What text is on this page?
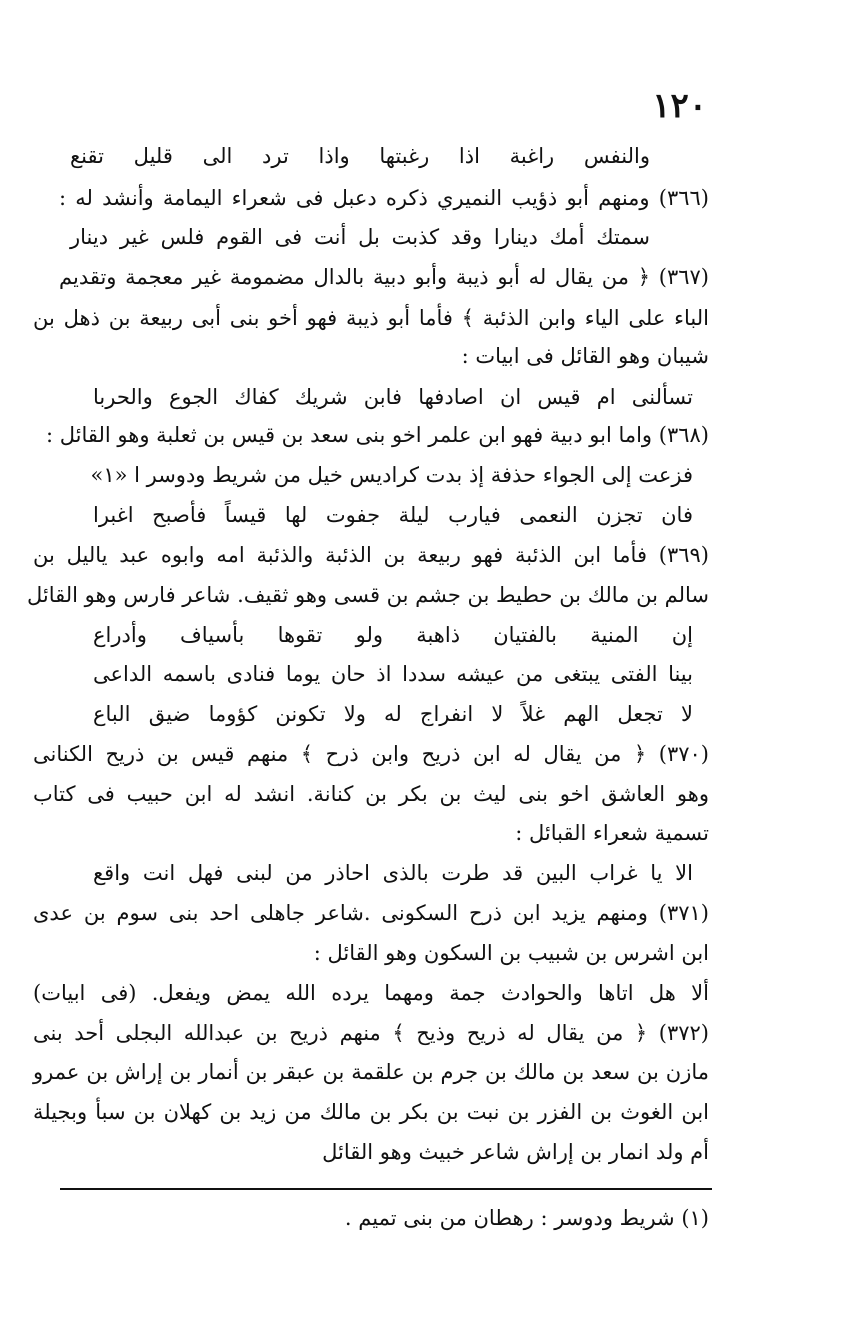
١٢٠
والنفس راغبة اذا رغبتها واذا ترد الى قليل تقنع
(٣٦٦) ومنهم أبو ذؤيب النميري ذكره دعبل فى شعراء اليمامة وأنشد له :
سمتك أمك دينارا وقد كذبت بل أنت فى القوم فلس غير دينار
(٣٦٧) ﴿ من يقال له أبو ذيبة وأبو دبية بالدال مضمومة غير معجمة وتقديم
الباء على الياء وابن الذئبة ﴾ فأما أبو ذيبة فهو أخو بنى أبى ربيعة بن ذهل بن
شيبان وهو القائل فى ابيات :
تسألنى ام قيس ان اصادفها فابن شريك كفاك الجوع والحربا
(٣٦٨) واما ابو دبية فهو ابن علمر اخو بنى سعد بن قيس بن ثعلبة وهو القائل :
فزعت إلى الجواء حذفة إذ بدت كراديس خيل من شريط ودوسر ا «١»
فان تجزن النعمى فيارب ليلة جفوت لها قيساً فأصبح اغبرا
(٣٦٩) فأما ابن الذئبة فهو ربيعة بن الذئبة والذئبة امه وابوه عبد ياليل بن
سالم بن مالك بن حطيط بن جشم بن قسى وهو ثقيف. شاعر فارس وهو القائل
إن المنية بالفتيان ذاهبة ولو تقوها بأسياف وأدراع
بينا الفتى يبتغى من عيشه سددا اذ حان يوما فنادى باسمه الداعى
لا تجعل الهم غلاً لا انفراج له ولا تكونن كؤوما ضيق الباع
(٣٧٠) ﴿ من يقال له ابن ذريح وابن ذرح ﴾ منهم قيس بن ذريح الكنانى
وهو العاشق اخو بنى ليث بن بكر بن كنانة. انشد له ابن حبيب فى كتاب
تسمية شعراء القبائل :
الا يا غراب البين قد طرت بالذى احاذر من لبنى فهل انت واقع
(٣٧١) ومنهم يزيد ابن ذرح السكونى .شاعر جاهلى احد بنى سوم بن عدى
ابن اشرس بن شبيب بن السكون وهو القائل :
ألا هل اتاها والحوادث جمة ومهما يرده الله يمض ويفعل. (فى ابيات)
(٣٧٢) ﴿ من يقال له ذريح وذيح ﴾ منهم ذريح بن عبدالله البجلى أحد بنى
مازن بن سعد بن مالك بن جرم بن علقمة بن عبقر بن أنمار بن إراش بن عمرو
ابن الغوث بن الفزر بن نبت بن بكر بن مالك من زيد بن كهلان بن سبأ وبجيلة
أم ولد انمار بن إراش شاعر خبيث وهو القائل
(١) شريط ودوسر : رهطان من بنى تميم .
